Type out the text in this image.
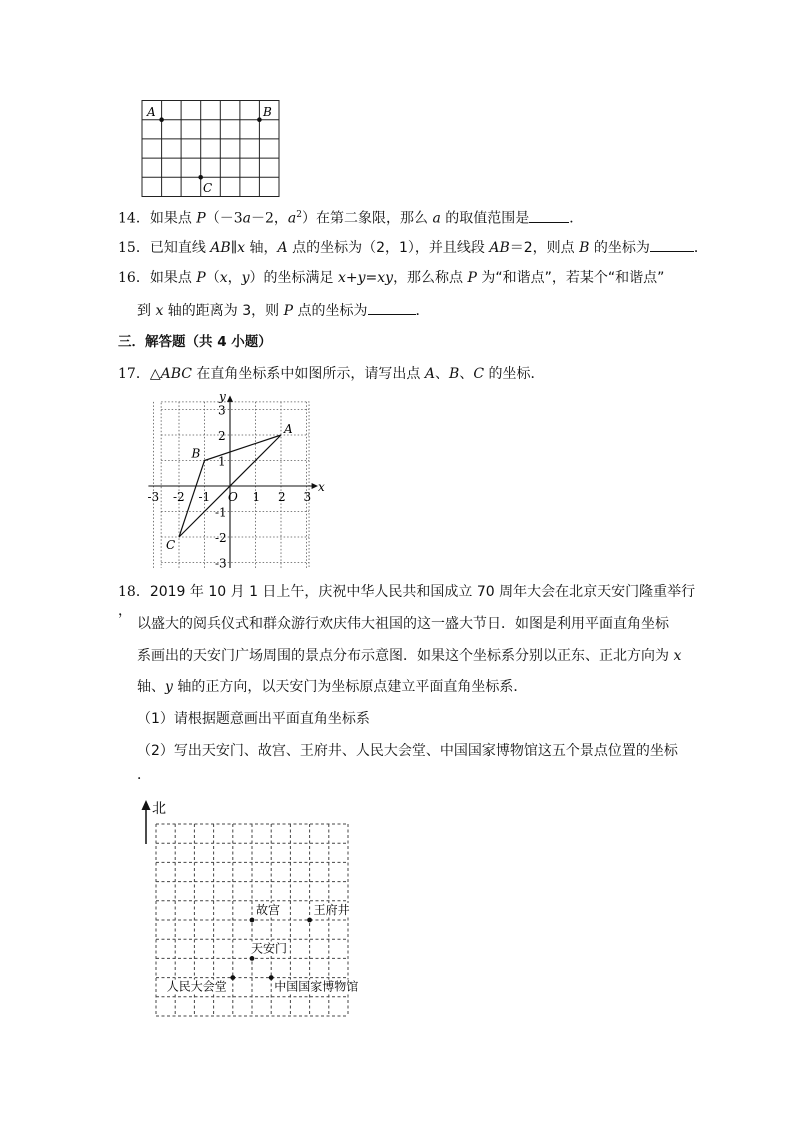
A	B
C
14．如果点 P（－3a－2，$a^2$）在第二象限，那么 a 的取值范围是	．
15．已知直线 AB∥x 轴，A 点的坐标为（2，1），并且线段 AB＝2，则点 B 的坐标为	．
16．如果点 P（x，y）的坐标满足 x+y=xy，那么称点 P 为“和谐点”，若某个“和谐点”
到 x 轴的距离为 3，则 P 点的坐标为	．
三．解答题（共 4 小题）
17．△ABC 在直角坐标系中如图所示，请写出点 A、B、C 的坐标．
x
y
-3 -2 -1 O 1 2 3
3
2
1
-1
-2
-3
A
B
C
18．2019 年 10 月 1 日上午，庆祝中华人民共和国成立 70 周年大会在北京天安门隆重举行
，
以盛大的阅兵仪式和群众游行欢庆伟大祖国的这一盛大节日．如图是利用平面直角坐标
系画出的天安门广场周围的景点分布示意图．如果这个坐标系分别以正东、正北方向为 x
轴、y 轴的正方向，以天安门为坐标原点建立平面直角坐标系．
（1）请根据题意画出平面直角坐标系
（2）写出天安门、故宫、王府井、人民大会堂、中国国家博物馆这五个景点位置的坐标
．
北
故宫	王府井
天安门
人民大会堂	中国国家博物馆
